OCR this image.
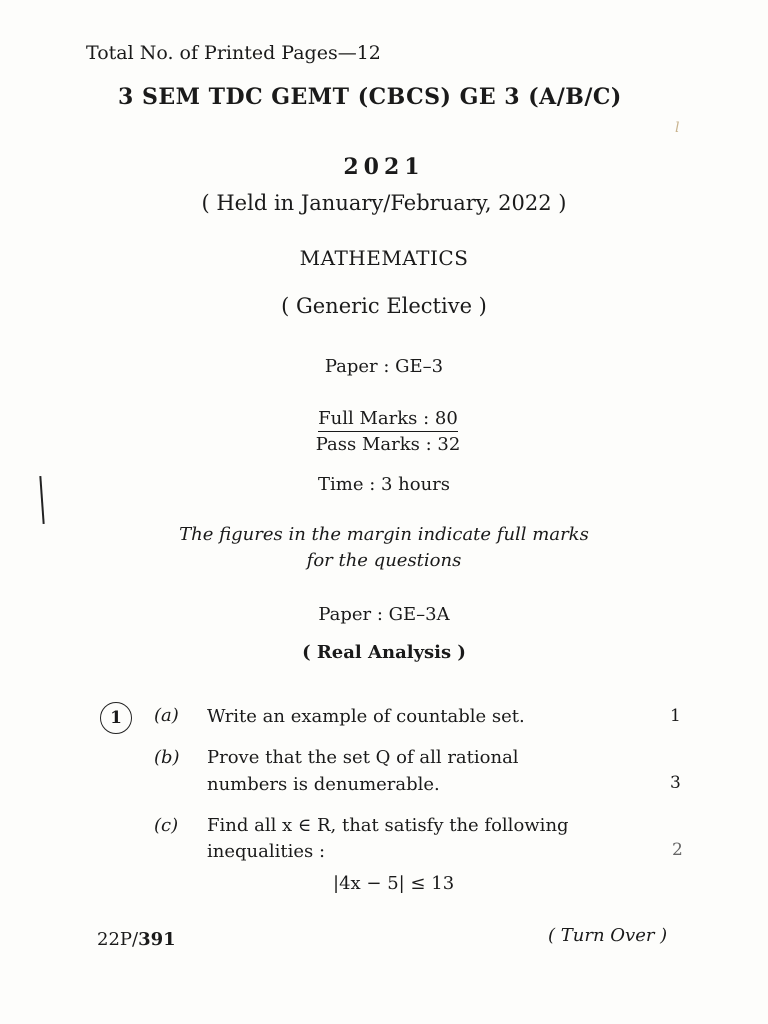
Total No. of Printed Pages—12
3 SEM TDC GEMT (CBCS) GE 3 (A/B/C)
l
2021
( Held in January/February, 2022 )
MATHEMATICS
( Generic Elective )
Paper : GE–3
Full Marks : 80
Pass Marks : 32
Time : 3 hours
The figures in the margin indicate full marks
for the questions
Paper : GE–3A
( Real Analysis )
1	(a) Write an example of countable set.	1
(b) Prove that the set Q of all rational
numbers is denumerable.	3
(c) Find all x ∈ R, that satisfy the following
inequalities :	2
|4x − 5| ≤ 13
22P/391	( Turn Over )
